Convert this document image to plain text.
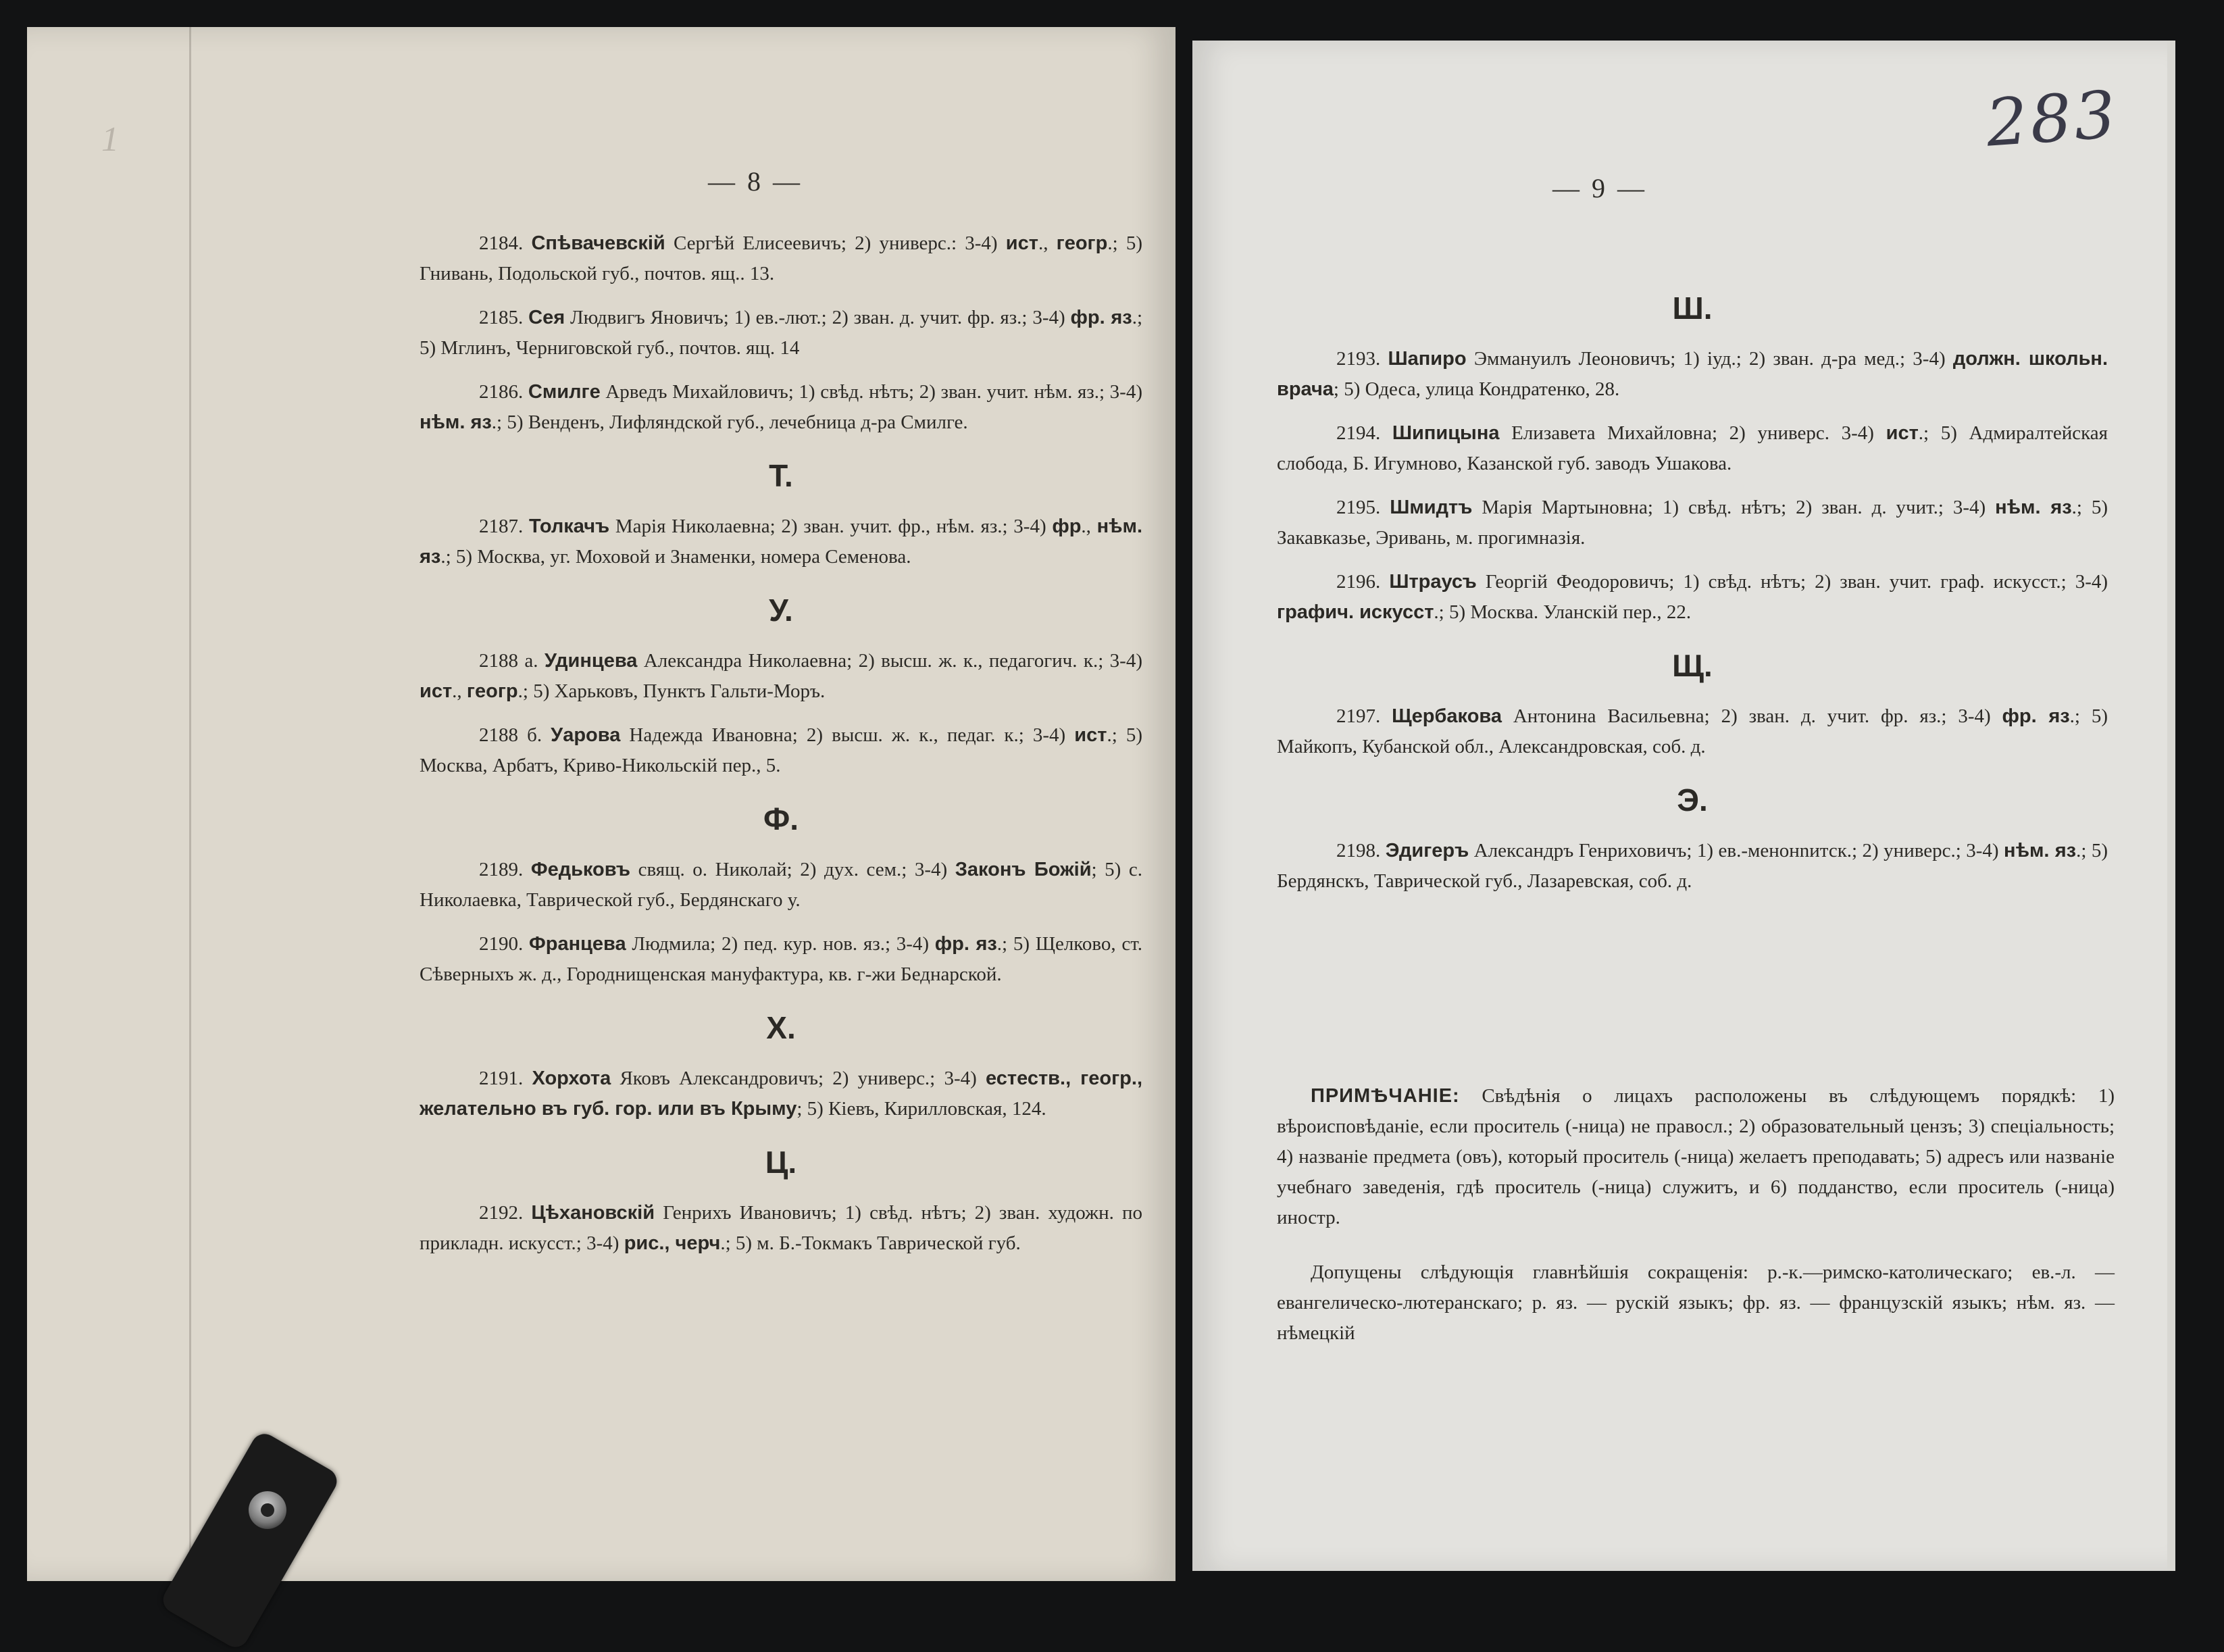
1
— 8 —

2184. Спѣвачевскій Сергѣй Елисеевичъ; 2) универс.: 3-4) ист., геогр.; 5) Гнивань, Подольской губ., почтов. ящ.. 13.

2185. Сея Людвигъ Яновичъ; 1) ев.-лют.; 2) зван. д. учит. фр. яз.; 3-4) фр. яз.; 5) Мглинъ, Черниговской губ., почтов. ящ. 14

2186. Смилге Арведъ Михайловичъ; 1) свѣд. нѣтъ; 2) зван. учит. нѣм. яз.; 3-4) нѣм. яз.; 5) Венденъ, Лифляндской губ., лечебница д-ра Смилге.

Т.

2187. Толкачъ Марія Николаевна; 2) зван. учит. фр., нѣм. яз.; 3-4) фр., нѣм. яз.; 5) Москва, уг. Моховой и Знаменки, номера Семенова.

У.

2188 а. Удинцева Александра Николаевна; 2) высш. ж. к., педагогич. к.; 3-4) ист., геогр.; 5) Харьковъ, Пунктъ Гальти-Моръ.

2188 б. Уарова Надежда Ивановна; 2) высш. ж. к., педаг. к.; 3-4) ист.; 5) Москва, Арбатъ, Криво-Никольскій пер., 5.

Ф.

2189. Федьковъ свящ. о. Николай; 2) дух. сем.; 3-4) Законъ Божій; 5) с. Николаевка, Таврической губ., Бердянскаго у.

2190. Францева Людмила; 2) пед. кур. нов. яз.; 3-4) фр. яз.; 5) Щелково, ст. Сѣверныхъ ж. д., Городнищенская мануфактура, кв. г-жи Беднарской.

Х.

2191. Хорхота Яковъ Александровичъ; 2) универс.; 3-4) естеств., геогр., желательно въ губ. гор. или въ Крыму; 5) Кіевъ, Кирилловская, 124.

Ц.

2192. Цѣхановскій Генрихъ Ивановичъ; 1) свѣд. нѣтъ; 2) зван. художн. по прикладн. искусст.; 3-4) рис., черч.; 5) м. Б.-Токмакъ Таврической губ.

— 9 —

Ш.

2193. Шапиро Эммануилъ Леоновичъ; 1) іуд.; 2) зван. д-ра мед.; 3-4) должн. школьн. врача; 5) Одеса, улица Кондратенко, 28.

2194. Шипицына Елизавета Михайловна; 2) универс. 3-4) ист.; 5) Адмиралтейская слобода, Б. Игумново, Казанской губ. заводъ Ушакова.

2195. Шмидтъ Марія Мартыновна; 1) свѣд. нѣтъ; 2) зван. д. учит.; 3-4) нѣм. яз.; 5) Закавказье, Эривань, м. прогимназія.

2196. Штраусъ Георгій Феодоровичъ; 1) свѣд. нѣтъ; 2) зван. учит. граф. искусст.; 3-4) графич. искусст.; 5) Москва. Уланскій пер., 22.

Щ.

2197. Щербакова Антонина Васильевна; 2) зван. д. учит. фр. яз.; 3-4) фр. яз.; 5) Майкопъ, Кубанской обл., Александровская, соб. д.

Э.

2198. Эдигеръ Александръ Генриховичъ; 1) ев.-менонnитск.; 2) универс.; 3-4) нѣм. яз.; 5) Бердянскъ, Таврической губ., Лазаревская, соб. д.

ПРИМѢЧАНІЕ: Свѣдѣнія о лицахъ расположены въ слѣдующемъ порядкѣ: 1) вѣроисповѣданіе, если проситель (-ница) не правосл.; 2) образовательный цензъ; 3) спеціальность; 4) названіе предмета (овъ), который проситель (-ница) желаетъ преподавать; 5) адресъ или названіе учебнаго заведенія, гдѣ проситель (-ница) служитъ, и 6) подданство, если проситель (-ница) иностр.

Допущены слѣдующія главнѣйшія сокращенія: р.-к.—римско-католическаго; ев.-л. — евангелическо-лютеранскаго; р. яз. — рускій языкъ; фр. яз. — французскій языкъ; нѣм. яз. — нѣмецкій

283
